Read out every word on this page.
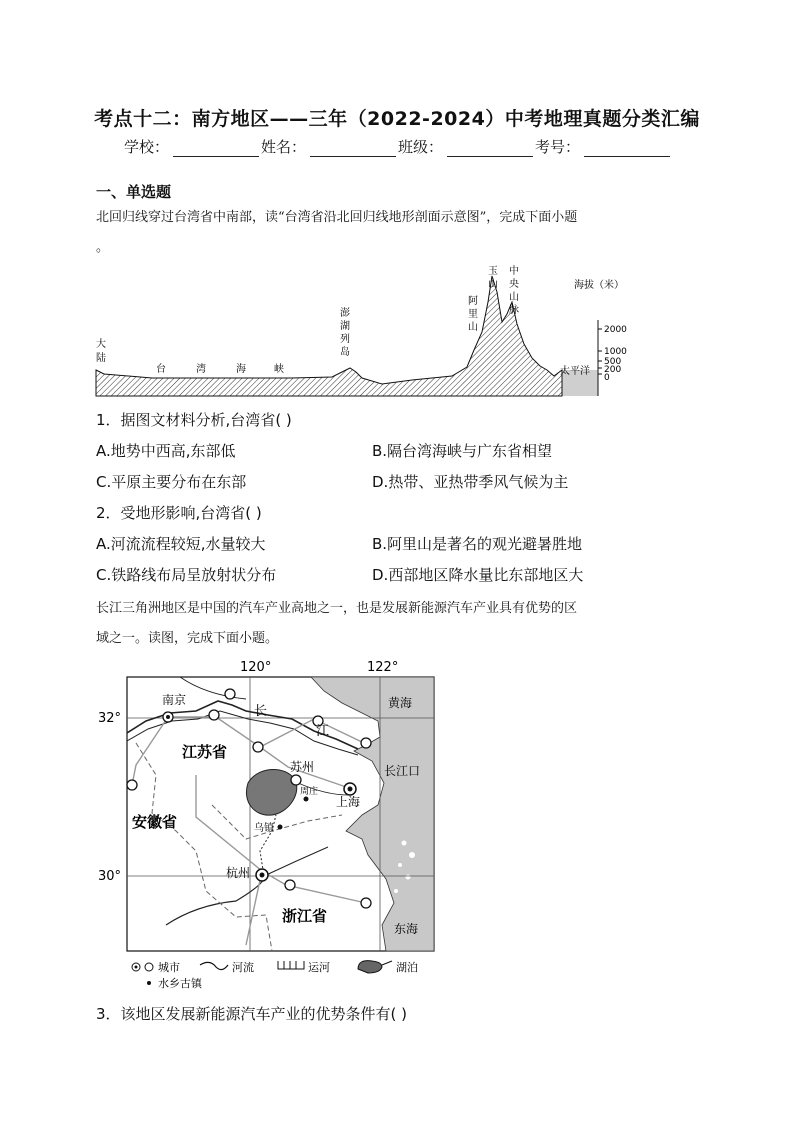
考点十二：南方地区——三年（2022-2024）中考地理真题分类汇编
学校：	姓名：	班级：	考号：
一、单选题
北回归线穿过台湾省中南部，读“台湾省沿北回归线地形剖面示意图”，完成下面小题
。
2000
1000
500
200
0
海拔（米）
大
陆
台	湾	海	峡
澎
湖
列
岛
阿
里
山
玉
山
中
央
山
脉
太平洋
1．据图文材料分析,台湾省( )
A.地势中西高,东部低	B.隔台湾海峡与广东省相望
C.平原主要分布在东部	D.热带、亚热带季风气候为主
2．受地形影响,台湾省( )
A.河流流程较短,水量较大	B.阿里山是著名的观光避暑胜地
C.铁路线布局呈放射状分布	D.西部地区降水量比东部地区大
长江三角洲地区是中国的汽车产业高地之一，也是发展新能源汽车产业具有优势的区
域之一。读图，完成下面小题。
120°	122°
32°
30°
南京
长
江
江苏省
苏州
周庄
上海
安徽省	乌镇
杭州
浙江省
黄海
长江口
东海
城市	河流	运河	湖泊
水乡古镇
3．该地区发展新能源汽车产业的优势条件有( )
